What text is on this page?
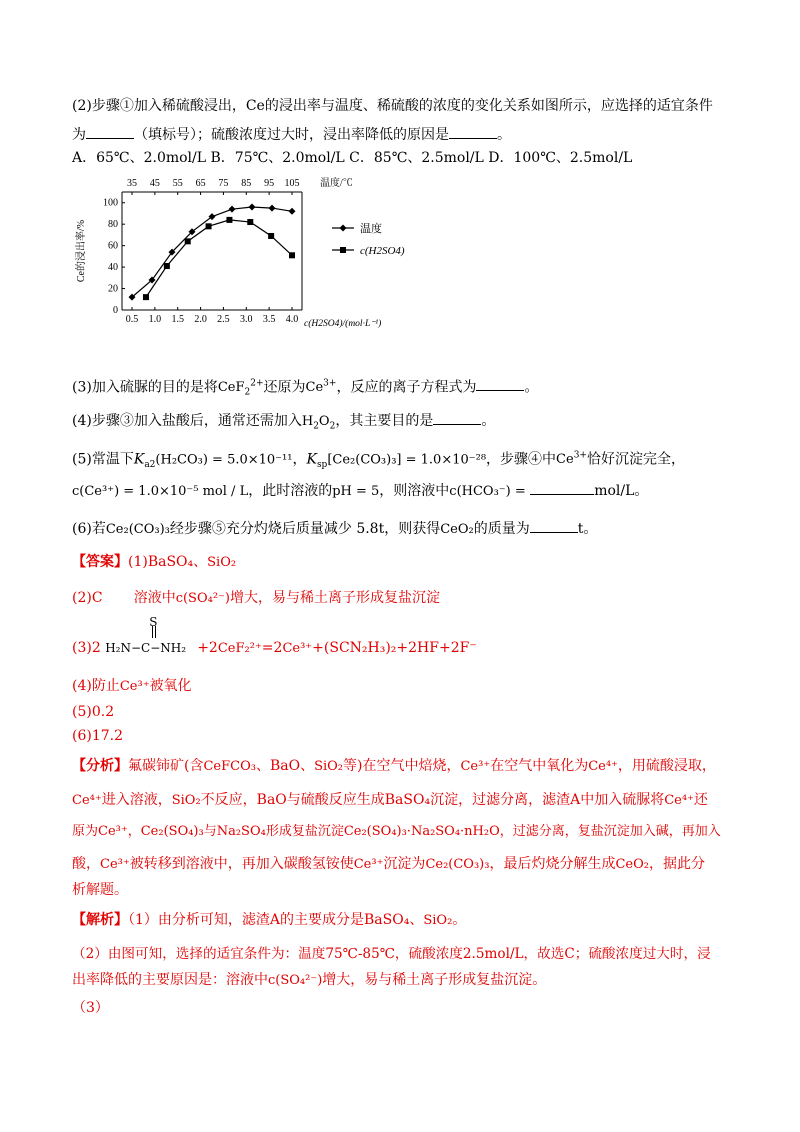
(2)步骤①加入稀硫酸浸出，Ce的浸出率与温度、稀硫酸的浓度的变化关系如图所示，应选择的适宜条件
为	（填标号）；硫酸浓度过大时，浸出率降低的原因是	。
A．65℃、2.0mol/L B．75℃、2.0mol/L C．85℃、2.5mol/L D．100℃、2.5mol/L
35 45 55 65 75 85 95 105 温度/℃
0.5 1.0 1.5 2.0 2.5 3.0 3.5 4.0 c(H2SO4)/(mol·L⁻¹)
0
20
40
60
80
100
Ce的浸出率/%	温度
c(H2SO4)
(3)加入硫脲的目的是将CeF$_2^{2+}$还原为$Ce^{3+}$，反应的离子方程式为	。
(4)步骤③加入盐酸后，通常还需加入$H_2O_2$，其主要目的是	。
(5)常温下$K_{a2}(H_2CO_3) = 5.0\times 10^{-11}$，$K_{sp}[Ce_2(CO_3)_3] = 1.0\times 10^{-28}$，步骤④中$Ce^{3+}$恰好沉淀完全，
c(Ce³⁺) = 1.0×10⁻⁵ mol / L，此时溶液的pH = 5，则溶液中c(HCO₃⁻) =	mol/L。
(6)若Ce₂(CO₃)₃经步骤⑤充分灼烧后质量减少 5.8t，则获得CeO₂的质量为	t。
【答案】(1)BaSO₄、SiO₂
(2)C 溶液中c(SO₄²⁻)增大，易与稀土离子形成复盐沉淀
(3)2
S
H₂N−C−NH₂ +2CeF₂²⁺=2Ce³⁺+(SCN₂H₃)₂+2HF+2F⁻
(4)防止Ce³⁺被氧化
(5)0.2
(6)17.2
【分析】氟碳铈矿(含CeFCO₃、BaO、SiO₂等)在空气中焙烧，Ce³⁺在空气中氧化为Ce⁴⁺，用硫酸浸取，
Ce⁴⁺进入溶液，SiO₂不反应，BaO与硫酸反应生成BaSO₄沉淀，过滤分离，滤渣A中加入硫脲将Ce⁴⁺还
原为Ce³⁺，Ce₂(SO₄)₃与Na₂SO₄形成复盐沉淀Ce₂(SO₄)₃·Na₂SO₄·nH₂O，过滤分离，复盐沉淀加入碱，再加入
酸，Ce³⁺被转移到溶液中，再加入碳酸氢铵使Ce³⁺沉淀为Ce₂(CO₃)₃，最后灼烧分解生成CeO₂，据此分
析解题。
【解析】（1）由分析可知，滤渣A的主要成分是BaSO₄、SiO₂。
（2）由图可知，选择的适宜条件为：温度75℃-85℃，硫酸浓度2.5mol/L，故选C；硫酸浓度过大时，浸
出率降低的主要原因是：溶液中c(SO₄²⁻)增大，易与稀土离子形成复盐沉淀。
（3）
